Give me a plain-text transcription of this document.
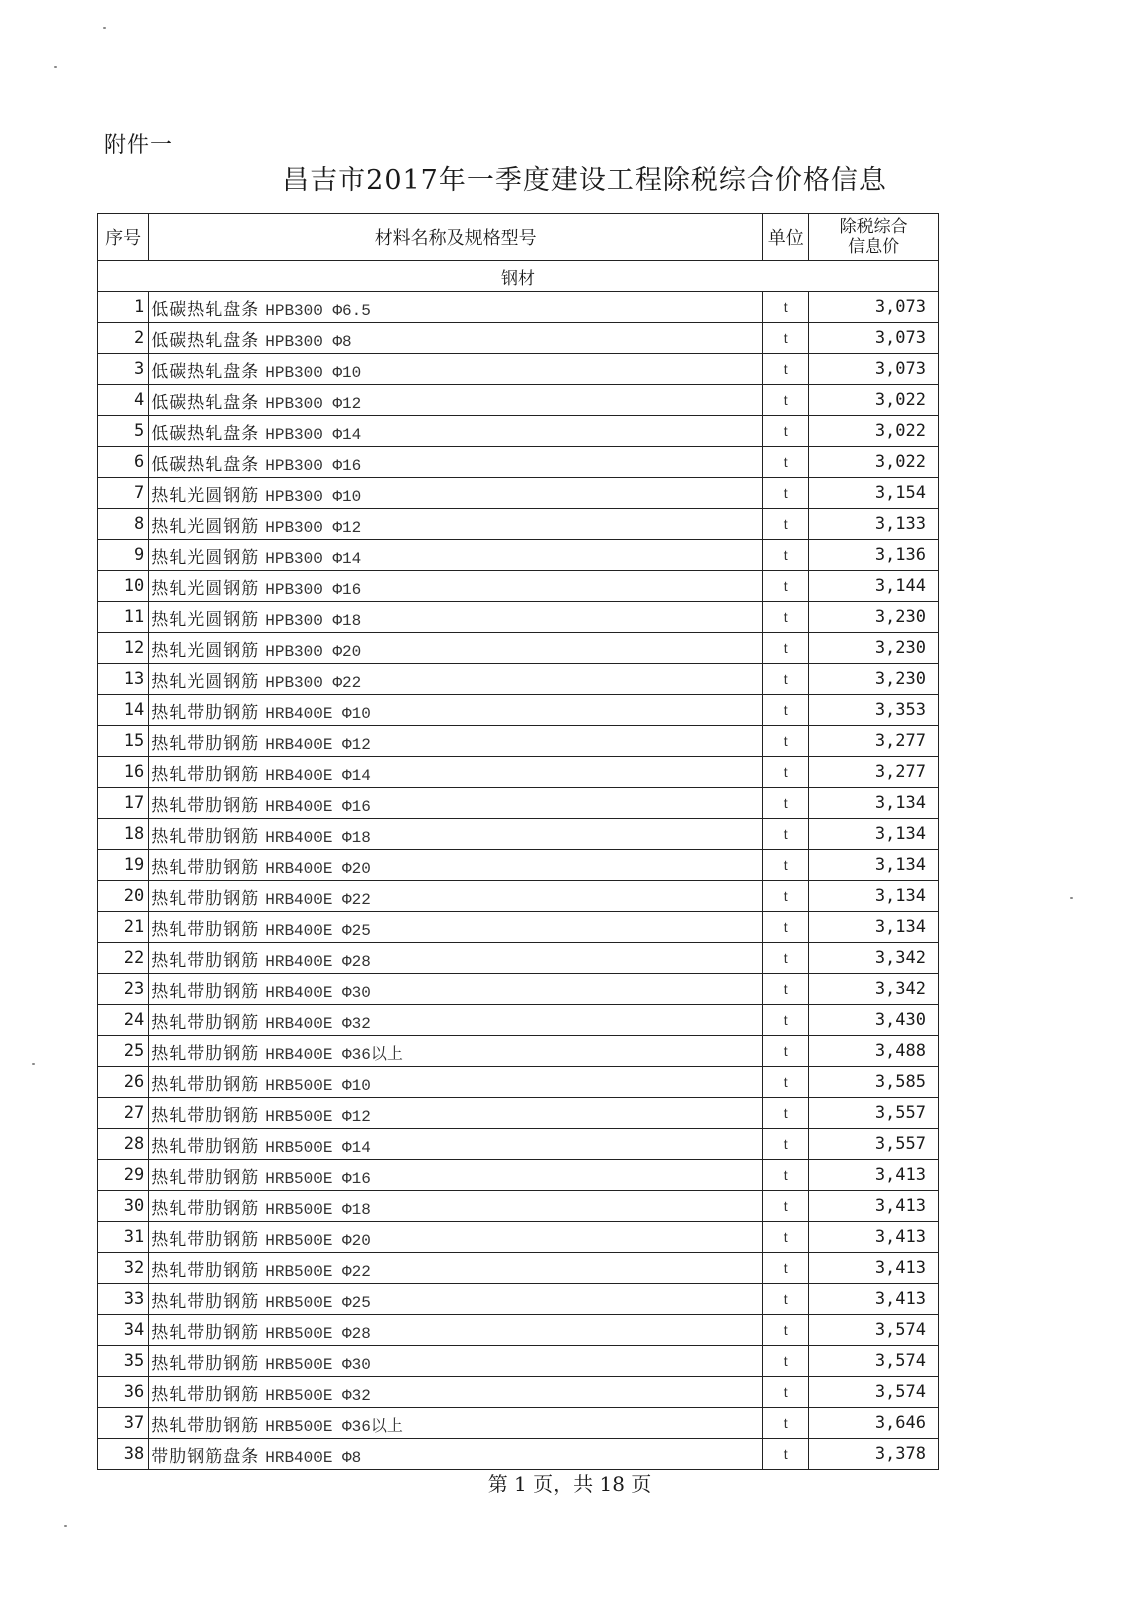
附件一
昌吉市2017年一季度建设工程除税综合价格信息
序号	材料名称及规格型号	单位	除税综合
信息价

钢材			
1	低碳热轧盘条 HPB300 Φ6.5	t	3,073
2	低碳热轧盘条 HPB300 Φ8	t	3,073
3	低碳热轧盘条 HPB300 Φ10	t	3,073
4	低碳热轧盘条 HPB300 Φ12	t	3,022
5	低碳热轧盘条 HPB300 Φ14	t	3,022
6	低碳热轧盘条 HPB300 Φ16	t	3,022
7	热轧光圆钢筋 HPB300 Φ10	t	3,154
8	热轧光圆钢筋 HPB300 Φ12	t	3,133
9	热轧光圆钢筋 HPB300 Φ14	t	3,136
10	热轧光圆钢筋 HPB300 Φ16	t	3,144
11	热轧光圆钢筋 HPB300 Φ18	t	3,230
12	热轧光圆钢筋 HPB300 Φ20	t	3,230
13	热轧光圆钢筋 HPB300 Φ22	t	3,230
14	热轧带肋钢筋 HRB400E Φ10	t	3,353
15	热轧带肋钢筋 HRB400E Φ12	t	3,277
16	热轧带肋钢筋 HRB400E Φ14	t	3,277
17	热轧带肋钢筋 HRB400E Φ16	t	3,134
18	热轧带肋钢筋 HRB400E Φ18	t	3,134
19	热轧带肋钢筋 HRB400E Φ20	t	3,134
20	热轧带肋钢筋 HRB400E Φ22	t	3,134
21	热轧带肋钢筋 HRB400E Φ25	t	3,134
22	热轧带肋钢筋 HRB400E Φ28	t	3,342
23	热轧带肋钢筋 HRB400E Φ30	t	3,342
24	热轧带肋钢筋 HRB400E Φ32	t	3,430
25	热轧带肋钢筋 HRB400E Φ36以上	t	3,488
26	热轧带肋钢筋 HRB500E Φ10	t	3,585
27	热轧带肋钢筋 HRB500E Φ12	t	3,557
28	热轧带肋钢筋 HRB500E Φ14	t	3,557
29	热轧带肋钢筋 HRB500E Φ16	t	3,413
30	热轧带肋钢筋 HRB500E Φ18	t	3,413
31	热轧带肋钢筋 HRB500E Φ20	t	3,413
32	热轧带肋钢筋 HRB500E Φ22	t	3,413
33	热轧带肋钢筋 HRB500E Φ25	t	3,413
34	热轧带肋钢筋 HRB500E Φ28	t	3,574
35	热轧带肋钢筋 HRB500E Φ30	t	3,574
36	热轧带肋钢筋 HRB500E Φ32	t	3,574
37	热轧带肋钢筋 HRB500E Φ36以上	t	3,646
38	带肋钢筋盘条 HRB400E Φ8	t	3,378
第 1 页，共 18 页
